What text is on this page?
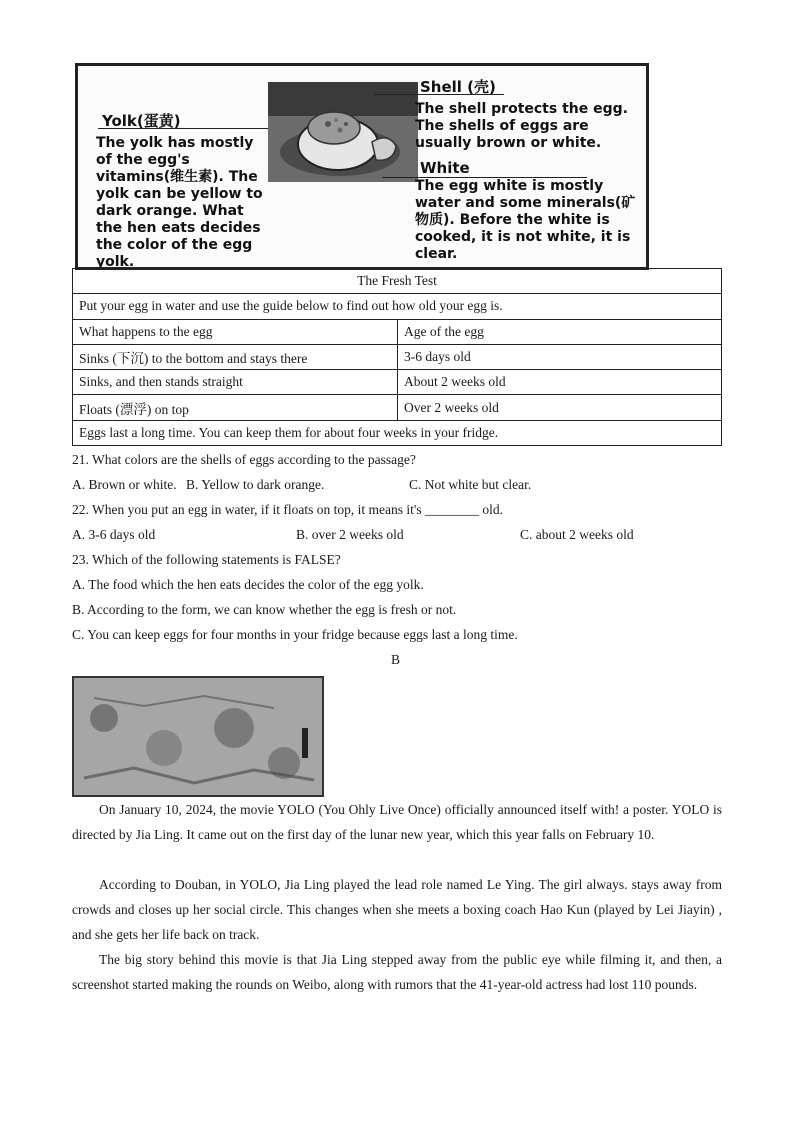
Yolk(蛋黄)
The yolk has mostly of the egg's vitamins(维生素). The yolk can be yellow to dark orange. What the hen eats decides the color of the egg yolk.
Shell (壳)
The shell protects the egg. The shells of eggs are usually brown or white.
White
The egg white is mostly water and some minerals(矿物质). Before the white is cooked, it is not white, it is clear.
The Fresh Test	
Put your egg in water and use the guide below to find out how old your egg is.	
What happens to the egg	Age of the egg
Sinks (下沉) to the bottom and stays there	3-6 days old
Sinks, and then stands straight	About 2 weeks old
Floats (漂浮) on top	Over 2 weeks old
Eggs last a long time. You can keep them for about four weeks in your fridge.	
21. What colors are the shells of eggs according to the passage?
A. Brown or white. B. Yellow to dark orange.	C. Not white but clear.
22. When you put an egg in water, if it floats on top, it means it's ________ old.
A. 3-6 days old	B. over 2 weeks old	C. about 2 weeks old
23. Which of the following statements is FALSE?
A. The food which the hen eats decides the color of the egg yolk.
B. According to the form, we can know whether the egg is fresh or not.
C. You can keep eggs for four months in your fridge because eggs last a long time.
B
On January 10, 2024, the movie YOLO (You Ohly Live Once) officially announced itself with! a poster. YOLO is directed by Jia Ling. It came out on the first day of the lunar new year, which this year falls on February 10.
According to Douban, in YOLO, Jia Ling played the lead role named Le Ying. The girl always. stays away from crowds and closes up her social circle. This changes when she meets a boxing coach Hao Kun (played by Lei Jiayin) , and she gets her life back on track.
The big story behind this movie is that Jia Ling stepped away from the public eye while filming it, and then, a screenshot started making the rounds on Weibo, along with rumors that the 41-year-old actress had lost 110 pounds.
